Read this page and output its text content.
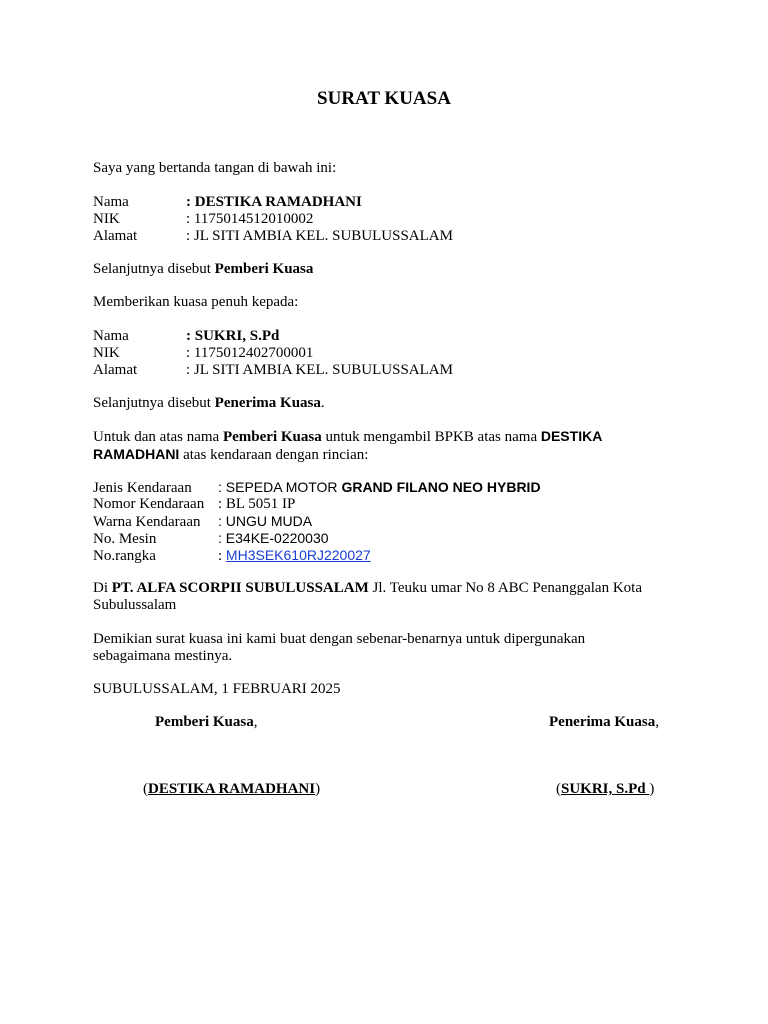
SURAT KUASA
Saya yang bertanda tangan di bawah ini:
Nama	: DESTIKA RAMADHANI
NIK	: 1175014512010002
Alamat	: JL SITI AMBIA KEL. SUBULUSSALAM
Selanjutnya disebut Pemberi Kuasa
Memberikan kuasa penuh kepada:
Nama	: SUKRI, S.Pd
NIK	: 1175012402700001
Alamat	: JL SITI AMBIA KEL. SUBULUSSALAM
Selanjutnya disebut Penerima Kuasa.
Untuk dan atas nama Pemberi Kuasa untuk mengambil BPKB atas nama DESTIKA
RAMADHANI atas kendaraan dengan rincian:
Jenis Kendaraan : SEPEDA MOTOR GRAND FILANO NEO HYBRID
Nomor Kendaraan : BL 5051 IP
Warna Kendaraan : UNGU MUDA
No. Mesin	: E34KE-0220030
No.rangka	: MH3SEK610RJ220027
Di PT. ALFA SCORPII SUBULUSSALAM Jl. Teuku umar No 8 ABC Penanggalan Kota
Subulussalam
Demikian surat kuasa ini kami buat dengan sebenar-benarnya untuk dipergunakan
sebagaimana mestinya.
SUBULUSSALAM, 1 FEBRUARI 2025
Pemberi Kuasa,	Penerima Kuasa,
(DESTIKA RAMADHANI)	(SUKRI, S.Pd )
